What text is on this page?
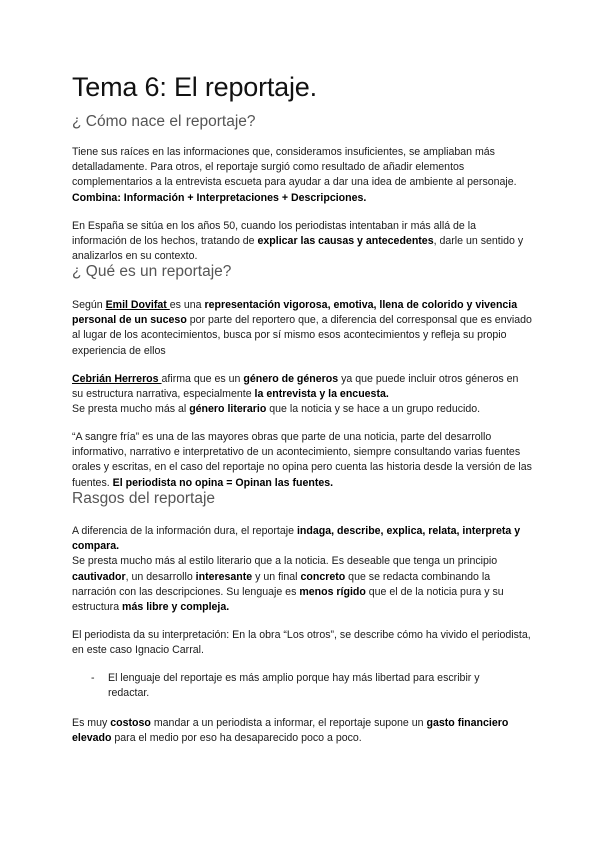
Tema 6: El reportaje.
¿ Cómo nace el reportaje?

Tiene sus raíces en las informaciones que, consideramos insuficientes, se ampliaban más detalladamente. Para otros, el reportaje surgió como resultado de añadir elementos complementarios a la entrevista escueta para ayudar a dar una idea de ambiente al personaje. Combina: Información + Interpretaciones + Descripciones.

En España se sitúa en los años 50, cuando los periodistas intentaban ir más allá de la información de los hechos, tratando de explicar las causas y antecedentes, darle un sentido y analizarlos en su contexto.

¿ Qué es un reportaje?

Según Emil Dovifat es una representación vigorosa, emotiva, llena de colorido y vivencia personal de un suceso por parte del reportero que, a diferencia del corresponsal que es enviado al lugar de los acontecimientos, busca por sí mismo esos acontecimientos y refleja su propio experiencia de ellos

Cebrián Herreros afirma que es un género de géneros ya que puede incluir otros géneros en su estructura narrativa, especialmente la entrevista y la encuesta.
Se presta mucho más al género literario que la noticia y se hace a un grupo reducido.

“A sangre fría” es una de las mayores obras que parte de una noticia, parte del desarrollo informativo, narrativo e interpretativo de un acontecimiento, siempre consultando varias fuentes orales y escritas, en el caso del reportaje no opina pero cuenta las historia desde la versión de las fuentes. El periodista no opina = Opinan las fuentes.

Rasgos del reportaje

A diferencia de la información dura, el reportaje indaga, describe, explica, relata, interpreta y compara.
Se presta mucho más al estilo literario que a la noticia. Es deseable que tenga un principio cautivador, un desarrollo interesante y un final concreto que se redacta combinando la narración con las descripciones. Su lenguaje es menos rígido que el de la noticia pura y su estructura más libre y compleja.

El periodista da su interpretación: En la obra “Los otros”, se describe cómo ha vivido el periodista, en este caso Ignacio Carral.

- El lenguaje del reportaje es más amplio porque hay más libertad para escribir y redactar.

Es muy costoso mandar a un periodista a informar, el reportaje supone un gasto financiero elevado para el medio por eso ha desaparecido poco a poco.
